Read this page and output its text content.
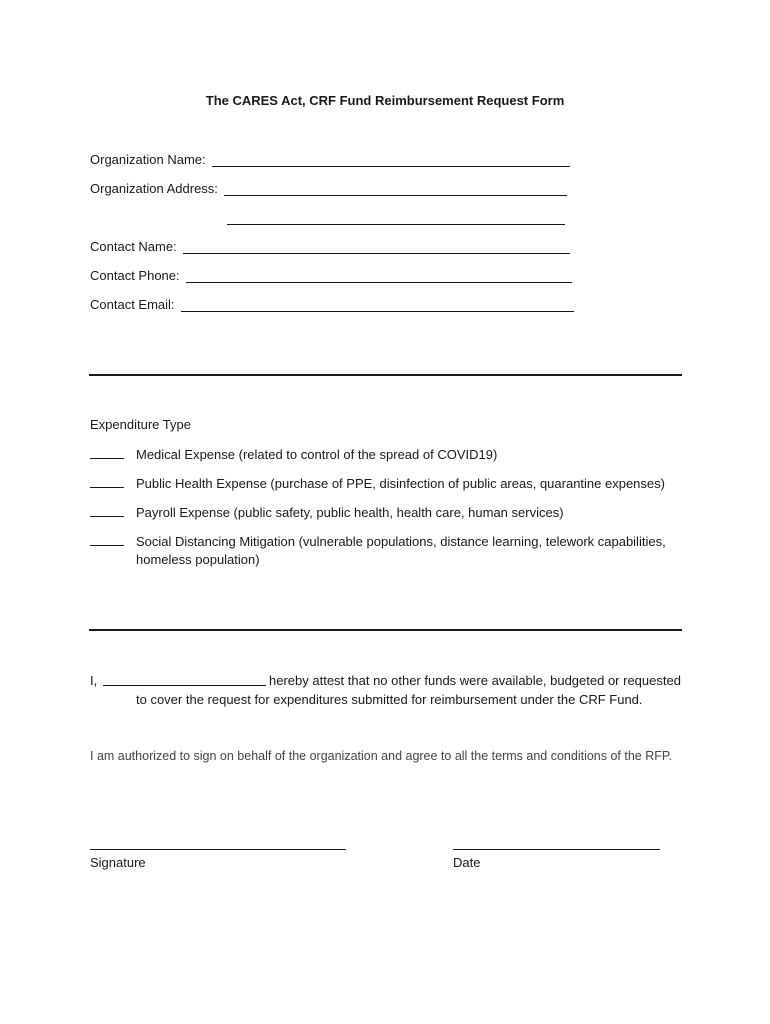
The CARES Act, CRF Fund Reimbursement Request Form
Organization Name:
Organization Address:
Contact Name:
Contact Phone:
Contact Email:
Expenditure Type
Medical Expense (related to control of the spread of COVID19)
Public Health Expense (purchase of PPE, disinfection of public areas, quarantine expenses)
Payroll Expense (public safety, public health, health care, human services)
Social Distancing Mitigation (vulnerable populations, distance learning, telework capabilities, homeless population)
I,	hereby attest that no other funds were available, budgeted or requested
to cover the request for expenditures submitted for reimbursement under the CRF Fund.
I am authorized to sign on behalf of the organization and agree to all the terms and conditions of the RFP.
Signature	Date
